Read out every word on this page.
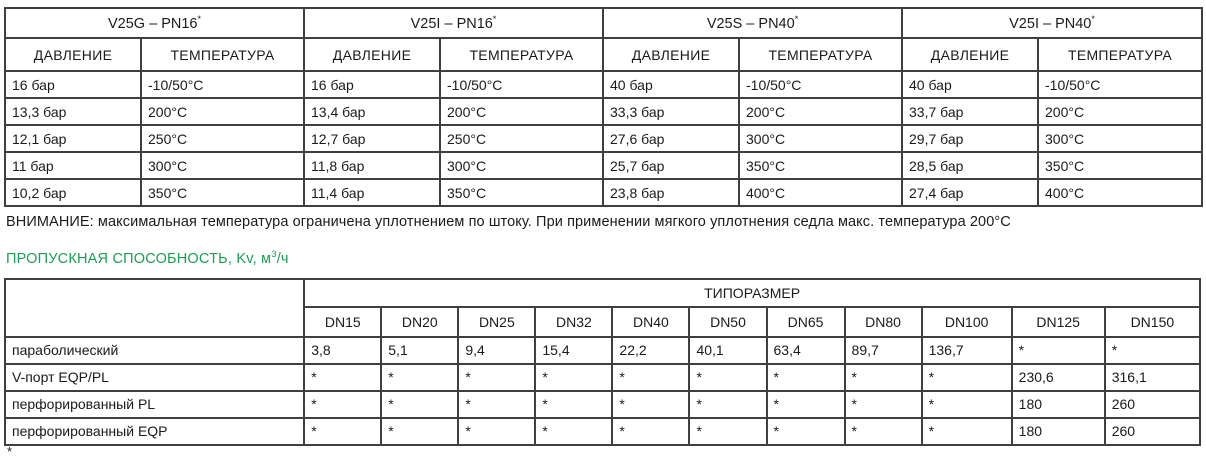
V25G – PN16*		V25I – PN16*		V25S – PN40*		V25I – PN40*
ДАВЛЕНИЕ	ТЕМПЕРАТУРА	ДАВЛЕНИЕ	ТЕМПЕРАТУРА	ДАВЛЕНИЕ	ТЕМПЕРАТУРА	ДАВЛЕНИЕ	ТЕМПЕРАТУРА
16 бар	-10/50°C	16 бар	-10/50°C	40 бар	-10/50°C	40 бар	-10/50°C
13,3 бар	200°C	13,4 бар	200°C	33,3 бар	200°C	33,7 бар	200°C
12,1 бар	250°C	12,7 бар	250°C	27,6 бар	300°C	29,7 бар	300°C
11 бар	300°C	11,8 бар	300°C	25,7 бар	350°C	28,5 бар	350°C
10,2 бар	350°C	11,4 бар	350°C	23,8 бар	400°C	27,4 бар	400°C
ВНИМАНИЕ: максимальная температура ограничена уплотнением по штоку. При применении мягкого уплотнения седла макс. температура 200°C
ПРОПУСКНАЯ СПОСОБНОСТЬ, Kv, $м^3/ч$
	ТИПОРАЗМЕР										
	DN15	DN20	DN25	DN32	DN40	DN50	DN65	DN80	DN100	DN125	DN150
параболический	3,8	5,1	9,4	15,4	22,2	40,1	63,4	89,7	136,7	*	*
V-порт EQP/PL	*	*	*	*	*	*	*	*	*	230,6	316,1
перфорированный PL	*	*	*	*	*	*	*	*	*	180	260
перфорированный EQP	*	*	*	*	*	*	*	*	*	180	260
*
